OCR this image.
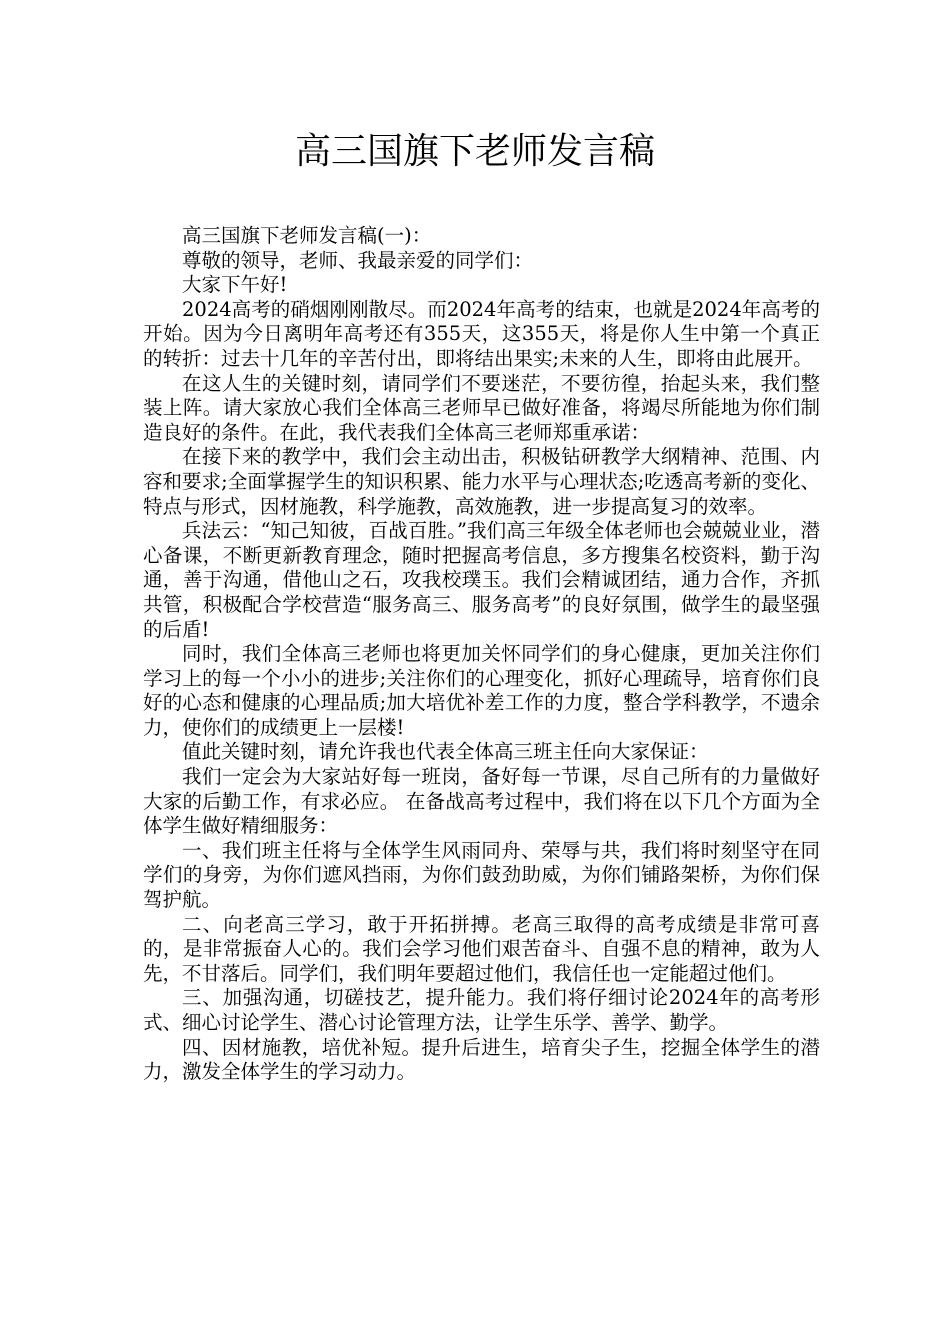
高三国旗下老师发言稿

高三国旗下老师发言稿(一)：

尊敬的领导，老师、我最亲爱的同学们：

大家下午好!

2024高考的硝烟刚刚散尽。而2024年高考的结束，也就是2024年高考的开始。因为今日离明年高考还有355天，这355天，将是你人生中第一个真正的转折：过去十几年的辛苦付出，即将结出果实;未来的人生，即将由此展开。

在这人生的关键时刻，请同学们不要迷茫，不要彷徨，抬起头来，我们整装上阵。请大家放心我们全体高三老师早已做好准备，将竭尽所能地为你们制造良好的条件。在此，我代表我们全体高三老师郑重承诺：

在接下来的教学中，我们会主动出击，积极钻研教学大纲精神、范围、内容和要求;全面掌握学生的知识积累、能力水平与心理状态;吃透高考新的变化、特点与形式，因材施教，科学施教，高效施教，进一步提高复习的效率。

兵法云：“知己知彼，百战百胜。”我们高三年级全体老师也会兢兢业业，潜心备课，不断更新教育理念，随时把握高考信息，多方搜集名校资料，勤于沟通，善于沟通，借他山之石，攻我校璞玉。我们会精诚团结，通力合作，齐抓共管，积极配合学校营造“服务高三、服务高考”的良好氛围，做学生的最坚强的后盾!

同时，我们全体高三老师也将更加关怀同学们的身心健康，更加关注你们学习上的每一个小小的进步;关注你们的心理变化，抓好心理疏导，培育你们良好的心态和健康的心理品质;加大培优补差工作的力度，整合学科教学，不遗余力，使你们的成绩更上一层楼!

值此关键时刻，请允许我也代表全体高三班主任向大家保证：

我们一定会为大家站好每一班岗，备好每一节课，尽自己所有的力量做好大家的后勤工作，有求必应。 在备战高考过程中，我们将在以下几个方面为全体学生做好精细服务：

一、我们班主任将与全体学生风雨同舟、荣辱与共，我们将时刻坚守在同学们的身旁，为你们遮风挡雨，为你们鼓劲助威，为你们铺路架桥，为你们保驾护航。

二、向老高三学习，敢于开拓拼搏。老高三取得的高考成绩是非常可喜的，是非常振奋人心的。我们会学习他们艰苦奋斗、自强不息的精神，敢为人先，不甘落后。同学们，我们明年要超过他们，我信任也一定能超过他们。

三、加强沟通，切磋技艺，提升能力。我们将仔细讨论2024年的高考形式、细心讨论学生、潜心讨论管理方法，让学生乐学、善学、勤学。

四、因材施教，培优补短。提升后进生，培育尖子生，挖掘全体学生的潜力，激发全体学生的学习动力。
